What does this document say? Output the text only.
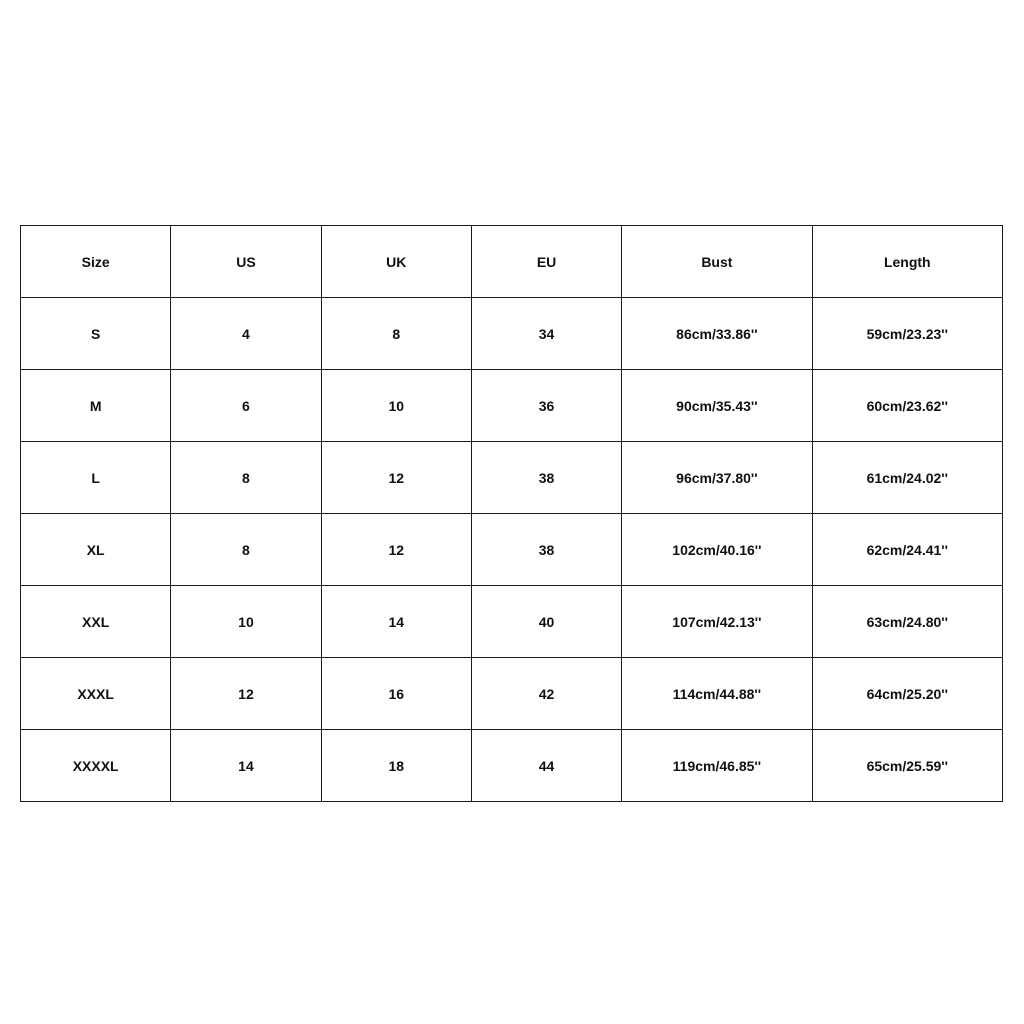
Size	US	UK	EU	Bust	Length
S	4	8	34	86cm/33.86''	59cm/23.23''
M	6	10	36	90cm/35.43''	60cm/23.62''
L	8	12	38	96cm/37.80''	61cm/24.02''
XL	8	12	38	102cm/40.16''	62cm/24.41''
XXL	10	14	40	107cm/42.13''	63cm/24.80''
XXXL	12	16	42	114cm/44.88''	64cm/25.20''
XXXXL	14	18	44	119cm/46.85''	65cm/25.59''
